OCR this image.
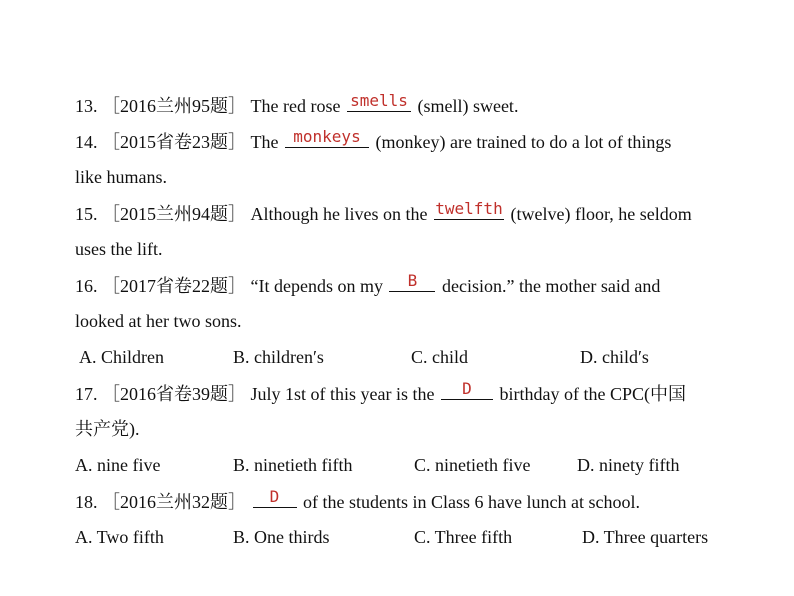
13. ［2016兰州95题］ The red rose smells (smell) sweet.
14. ［2015省卷23题］ The monkeys (monkey) are trained to do a lot of things
like humans.
15. ［2015兰州94题］ Although he lives on the twelfth (twelve) floor, he seldom
uses the lift.
16. ［2017省卷22题］ “It depends on my	B	decision.” the mother said and
looked at her two sons.
A. Children	B. children′s	C. child	D. child′s
17. ［2016省卷39题］ July 1st of this year is the	D	birthday of the CPC(中国
共产党).
A. nine five	B. ninetieth fifth	C. ninetieth five	D. ninety fifth
18. ［2016兰州32题］	D	of the students in Class 6 have lunch at school.
A. Two fifth	B. One thirds	C. Three fifth	D. Three quarters
